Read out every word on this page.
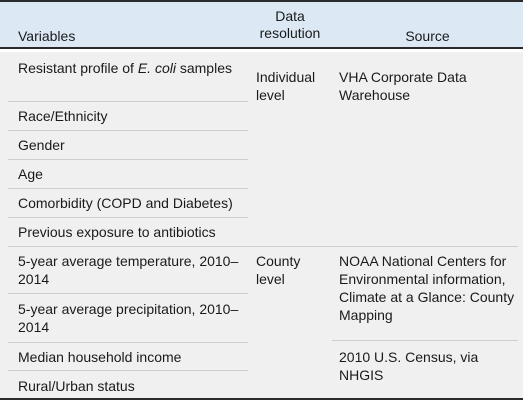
Variables
Data resolution	Source
Resistant profile of E. coli samples
Race/Ethnicity
Gender
Age
Comorbidity (COPD and Diabetes)
Previous exposure to antibiotics
5-year average temperature, 2010–2014
5-year average precipitation, 2010–2014
Median household income
Rural/Urban status
Individual level
County level
VHA Corporate Data Warehouse
NOAA National Centers for Environmental information, Climate at a Glance: County Mapping
2010 U.S. Census, via NHGIS
